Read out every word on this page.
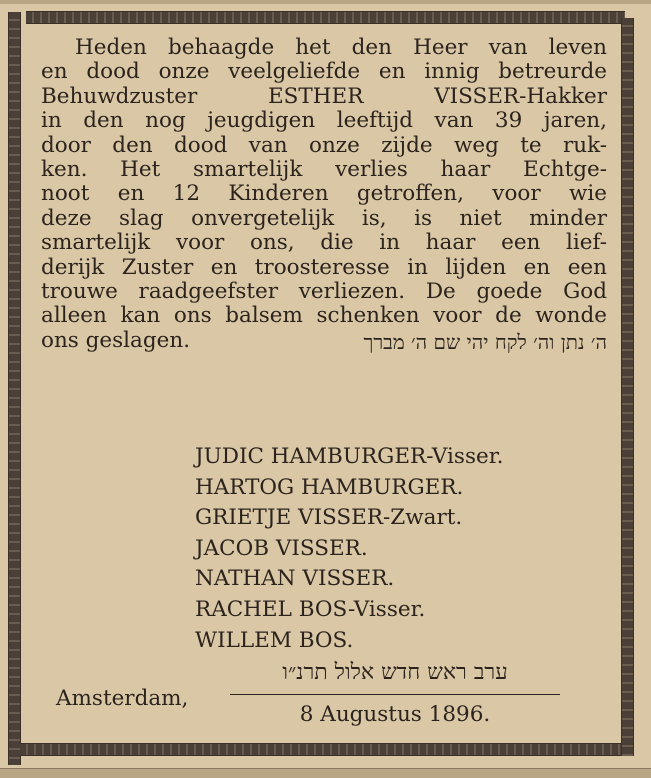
Heden behaagde het den Heer van leven
en dood onze veelgeliefde en innig betreurde
Behuwdzuster ESTHER VISSER-Hakker
in den nog jeugdigen leeftijd van 39 jaren,
door den dood van onze zijde weg te ruk-
ken. Het smartelijk verlies haar Echtge-
noot en 12 Kinderen getroffen, voor wie
deze slag onvergetelijk is, is niet minder
smartelijk voor ons, die in haar een lief-
derijk Zuster en troosteresse in lijden en een
trouwe raadgeefster verliezen. De goede God
alleen kan ons balsem schenken voor de wonde
ons geslagen.	ה׳ נתן וה׳ לקח יהי שם ה׳ מברך
JUDIC HAMBURGER-Visser.
HARTOG HAMBURGER.
GRIETJE VISSER-Zwart.
JACOB VISSER.
NATHAN VISSER.
RACHEL BOS-Visser.
WILLEM BOS.
Amsterdam,
ערב ראש חדש אלול תרנ״ו
8 Augustus 1896.
